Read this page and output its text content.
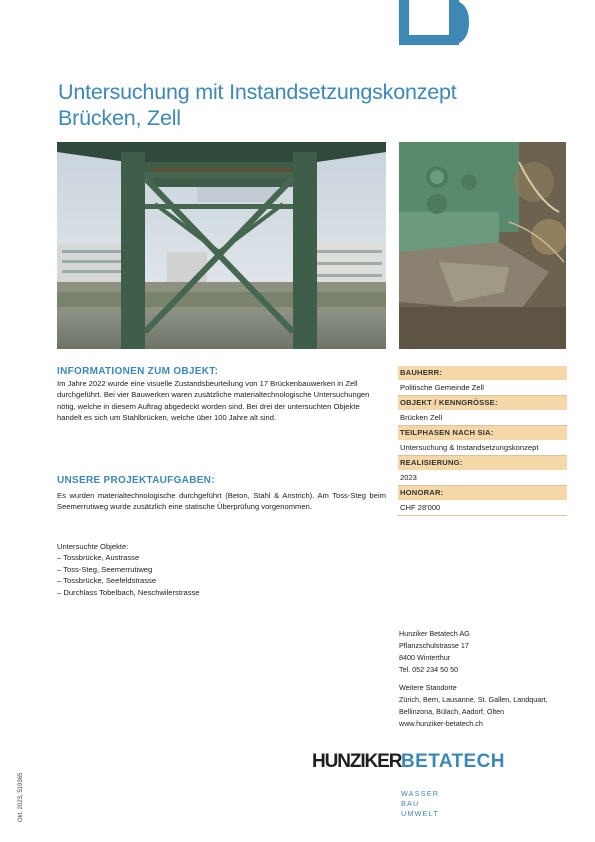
Untersuchung mit Instandsetzungskonzept
Brücken, Zell
INFORMATIONEN ZUM OBJEKT:

Im Jahre 2022 wurde eine visuelle Zustandsbeurteilung von 17 Brückenbauwerken in Zell durchgeführt. Bei vier Bauwerken waren zusätzliche materialtechnologische Untersuchungen nötig, welche in diesem Auftrag abgedeckt worden sind. Bei drei der untersuchten Objekte handelt es sich um Stahlbrücken, welche über 100 Jahre alt sind.

UNSERE PROJEKTAUFGABEN:

Es wurden materialtechnologische durchgeführt (Beton, Stahl & Anstrich). Am Toss-Steg beim Seemerrutiweg wurde zusätzlich eine statische Überprüfung vorgenommen.

Untersuchte Objekte:
– Tossbrücke, Austrasse
– Toss-Steg, Seemerrutiweg
– Tossbrücke, Seefeldstrasse
– Durchlass Tobelbach, Neschwilerstrasse
BAUHERR:
Politische Gemeinde Zell
OBJEKT / KENNGRÖSSE:
Brücken Zell
TEILPHASEN NACH SIA:
Untersuchung & Instandsetzungskonzept
REALISIERUNG:
2023
HONORAR:
CHF 28'000
Hunziker Betatech AG
Pflanzschulstrasse 17
8400 Winterthur
Tel. 052 234 50 50
Weitere Standorte
Zürich, Bern, Lausanne, St. Gallen, Landquart, Bellinzona, Bülach, Aadorf, Olten
www.hunziker-betatech.ch
HUNZIKER BETATECH
WASSER
BAU
UMWELT
Okt. 2023, 519365
